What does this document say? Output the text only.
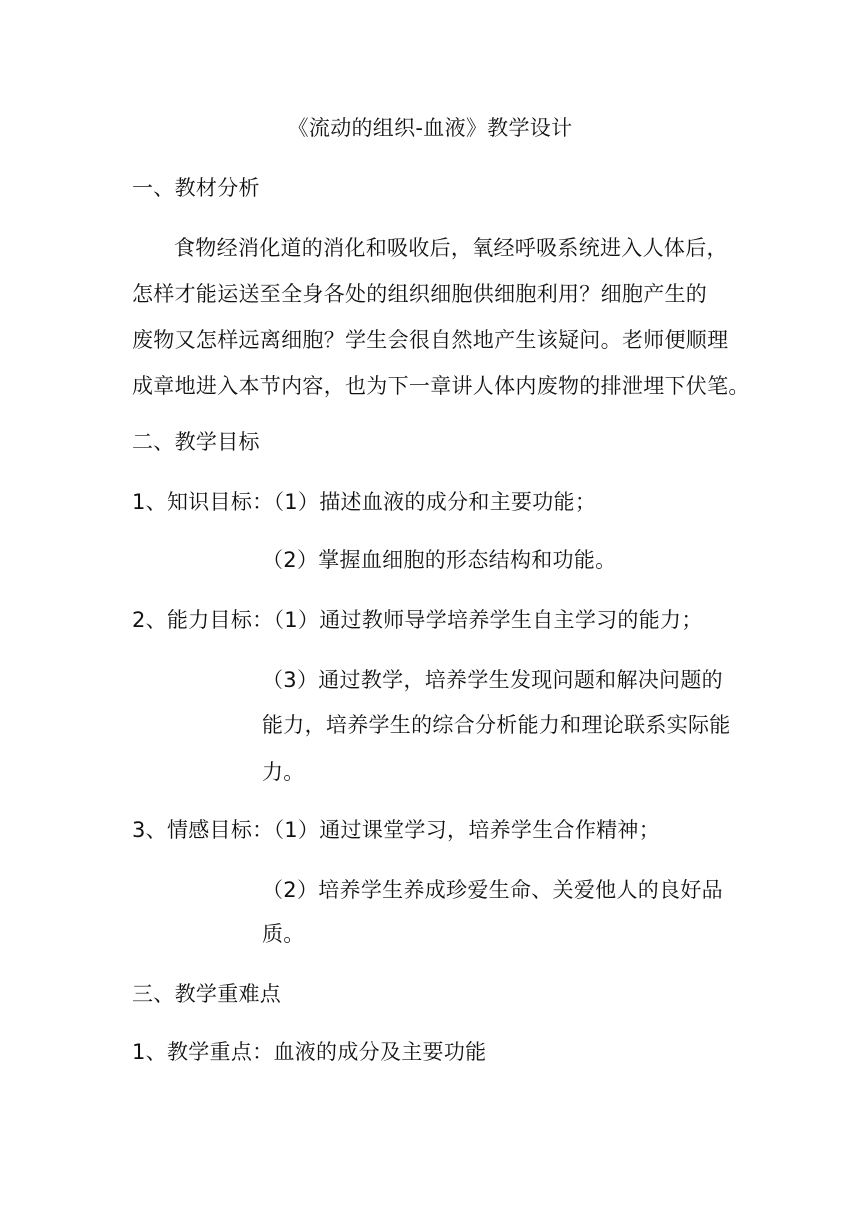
《流动的组织-血液》教学设计
一、教材分析
食物经消化道的消化和吸收后，氧经呼吸系统进入人体后，
怎样才能运送至全身各处的组织细胞供细胞利用？细胞产生的
废物又怎样远离细胞？学生会很自然地产生该疑问。老师便顺理
成章地进入本节内容，也为下一章讲人体内废物的排泄埋下伏笔。
二、教学目标
1、知识目标：（1）描述血液的成分和主要功能；
（2）掌握血细胞的形态结构和功能。
2、能力目标：（1）通过教师导学培养学生自主学习的能力；
（3）通过教学，培养学生发现问题和解决问题的
能力，培养学生的综合分析能力和理论联系实际能
力。
3、情感目标：（1）通过课堂学习，培养学生合作精神；
（2）培养学生养成珍爱生命、关爱他人的良好品
质。
三、教学重难点
1、教学重点：血液的成分及主要功能
